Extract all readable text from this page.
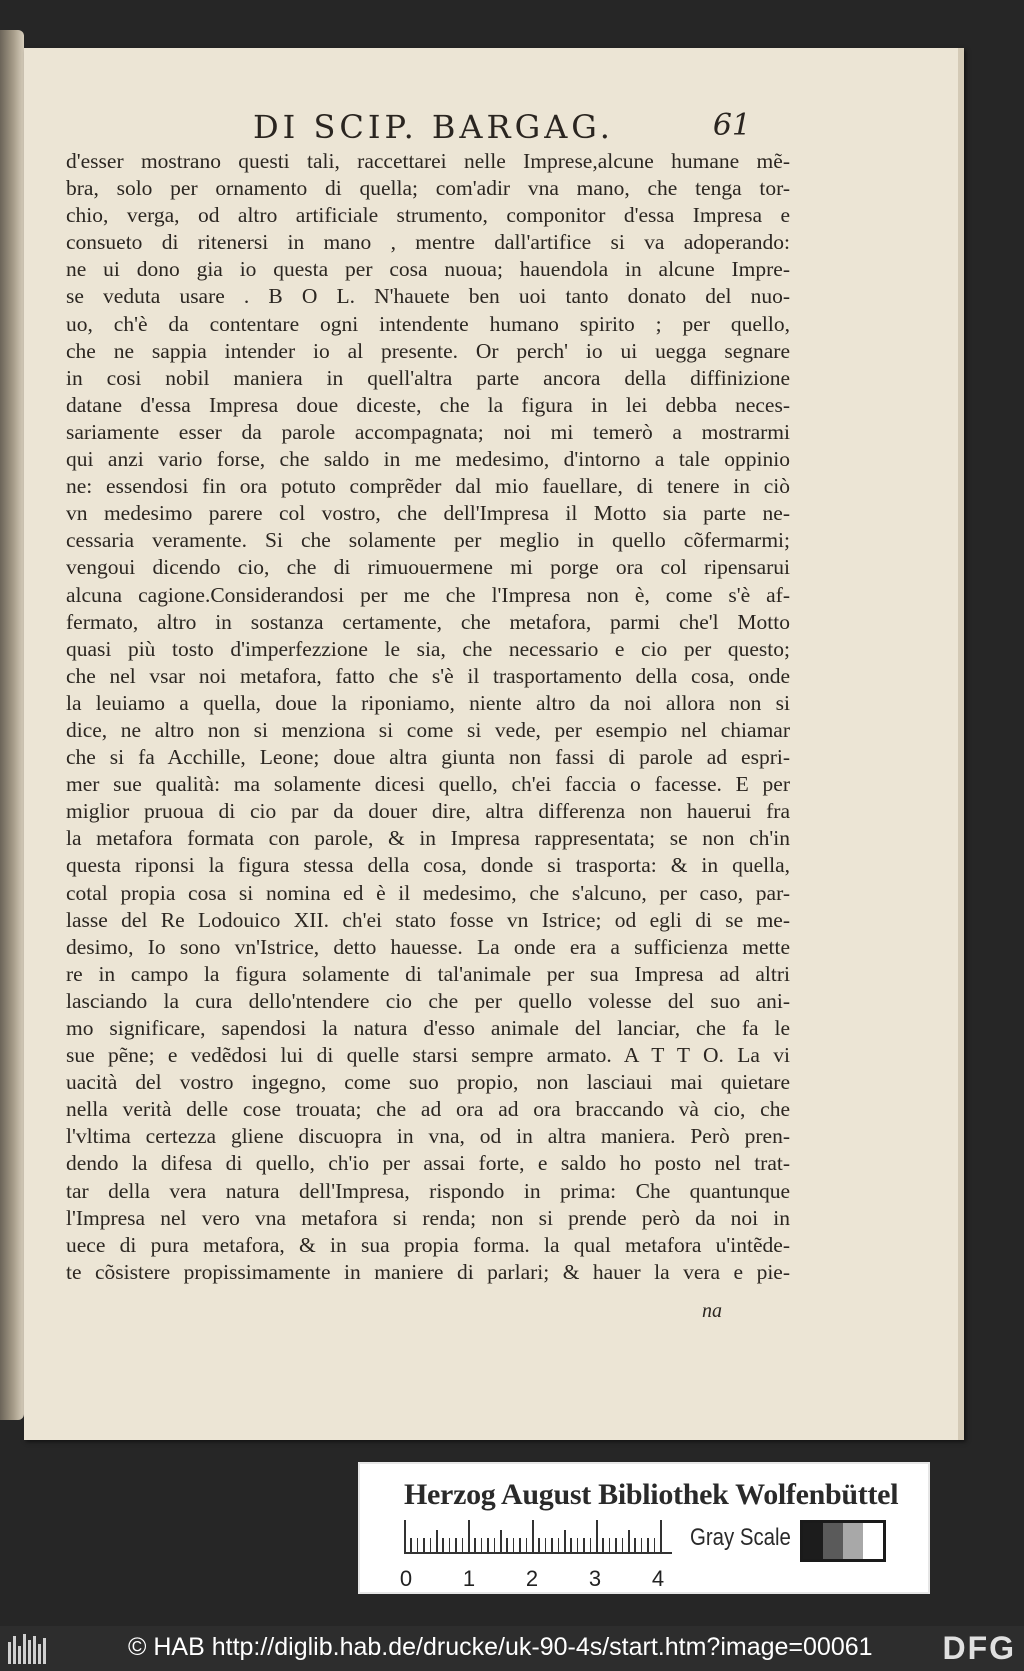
DI SCIP. BARGAG.	61
d'esser mostrano questi tali, raccettarei nelle Imprese,alcune humane mẽ-
bra, solo per ornamento di quella; com'adir vna mano, che tenga tor-
chio, verga, od altro artificiale strumento, componitor d'essa Impresa e
consueto di ritenersi in mano , mentre dall'artifice si va adoperando:
ne ui dono gia io questa per cosa nuoua; hauendola in alcune Impre-
se veduta usare . B O L. N'hauete ben uoi tanto donato del nuo-
uo, ch'è da contentare ogni intendente humano spirito ; per quello,
che ne sappia intender io al presente. Or perch' io ui uegga segnare
in cosi nobil maniera in quell'altra parte ancora della diffinizione
datane d'essa Impresa doue diceste, che la figura in lei debba neces-
sariamente esser da parole accompagnata; noi mi temerò a mostrarmi
qui anzi vario forse, che saldo in me medesimo, d'intorno a tale oppinio
ne: essendosi fin ora potuto comprẽder dal mio fauellare, di tenere in ciò
vn medesimo parere col vostro, che dell'Impresa il Motto sia parte ne-
cessaria veramente. Si che solamente per meglio in quello cõfermarmi;
vengoui dicendo cio, che di rimuouermene mi porge ora col ripensarui
alcuna cagione.Considerandosi per me che l'Impresa non è, come s'è af-
fermato, altro in sostanza certamente, che metafora, parmi che'l Motto
quasi più tosto d'imperfezzione le sia, che necessario e cio per questo;
che nel vsar noi metafora, fatto che s'è il trasportamento della cosa, onde
la leuiamo a quella, doue la riponiamo, niente altro da noi allora non si
dice, ne altro non si menziona si come si vede, per esempio nel chiamar
che si fa Acchille, Leone; doue altra giunta non fassi di parole ad espri-
mer sue qualità: ma solamente dicesi quello, ch'ei faccia o facesse. E per
miglior pruoua di cio par da douer dire, altra differenza non hauerui fra
la metafora formata con parole, & in Impresa rappresentata; se non ch'in
questa riponsi la figura stessa della cosa, donde si trasporta: & in quella,
cotal propia cosa si nomina ed è il medesimo, che s'alcuno, per caso, par-
lasse del Re Lodouico XII. ch'ei stato fosse vn Istrice; od egli di se me-
desimo, Io sono vn'Istrice, detto hauesse. La onde era a sufficienza mette
re in campo la figura solamente di tal'animale per sua Impresa ad altri
lasciando la cura dello'ntendere cio che per quello volesse del suo ani-
mo significare, sapendosi la natura d'esso animale del lanciar, che fa le
sue pẽne; e vedẽdosi lui di quelle starsi sempre armato. A T T O. La vi
uacità del vostro ingegno, come suo propio, non lasciaui mai quietare
nella verità delle cose trouata; che ad ora ad ora braccando và cio, che
l'vltima certezza gliene discuopra in vna, od in altra maniera. Però pren-
dendo la difesa di quello, ch'io per assai forte, e saldo ho posto nel trat-
tar della vera natura dell'Impresa, rispondo in prima: Che quantunque
l'Impresa nel vero vna metafora si renda; non si prende però da noi in
uece di pura metafora, & in sua propia forma. la qual metafora u'intẽde-
te cõsistere propissimamente in maniere di parlari; & hauer la vera e pie-
na
Herzog August Bibliothek Wolfenbüttel
0 1 2 3 4
Gray Scale
© HAB http://diglib.hab.de/drucke/uk-90-4s/start.htm?image=00061 DFG
